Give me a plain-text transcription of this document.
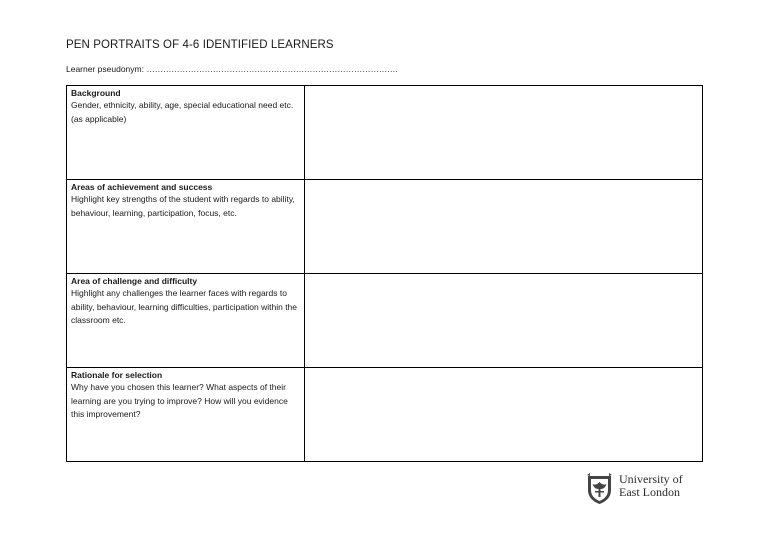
PEN PORTRAITS OF 4-6 IDENTIFIED LEARNERS
Learner pseudonym: ……………………………………………………………………………….
Background
Gender, ethnicity, ability, age, special educational need etc. (as applicable)	

Areas of achievement and success
Highlight key strengths of the student with regards to ability, behaviour, learning, participation, focus, etc.	

Area of challenge and difficulty
Highlight any challenges the learner faces with regards to ability, behaviour, learning difficulties, participation within the classroom etc.	

Rationale for selection
Why have you chosen this learner? What aspects of their learning are you trying to improve? How will you evidence this improvement?	

University of
East London
